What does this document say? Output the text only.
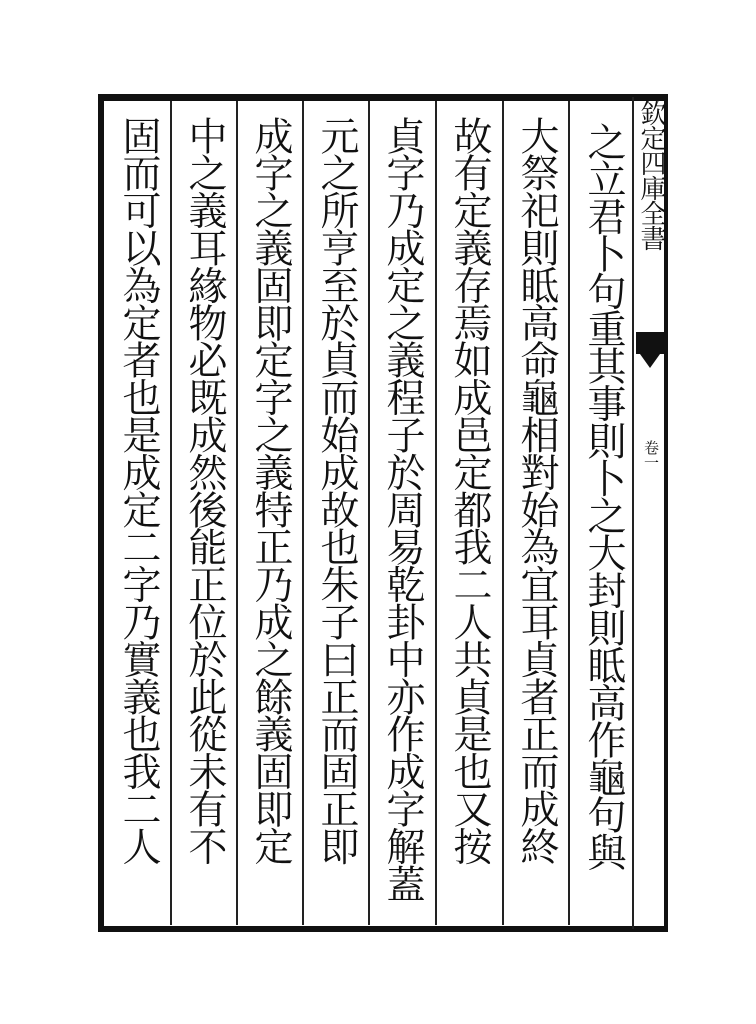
欽定四庫全書
卷一
之立君卜句重其事則卜之大封則眡高作龜句與
大祭祀則眡高命龜相對始為宜耳貞者正而成終
故有定義存焉如成邑定都我二人共貞是也又按
貞字乃成定之義程子於周易乾卦中亦作成字解蓋
元之所亨至於貞而始成故也朱子曰正而固正即
成字之義固即定字之義特正乃成之餘義固即定
中之義耳緣物必既成然後能正位於此從未有不
固而可以為定者也是成定二字乃實義也我二人
